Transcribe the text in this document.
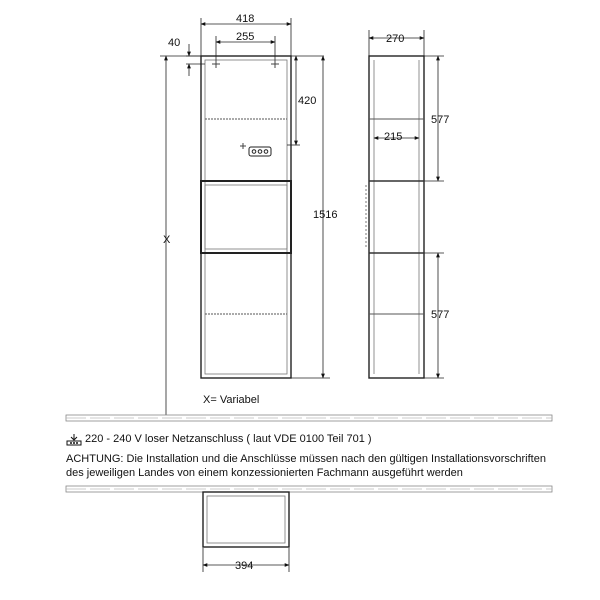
418
255
40
420
1516
X
270
215
577
577
394
X= Variabel
220 - 240 V loser Netzanschluss ( laut VDE 0100 Teil 701 )
ACHTUNG: Die Installation und die Anschlüsse müssen nach den gültigen Installationsvorschriften
des jeweiligen Landes von einem konzessionierten Fachmann ausgeführt werden
